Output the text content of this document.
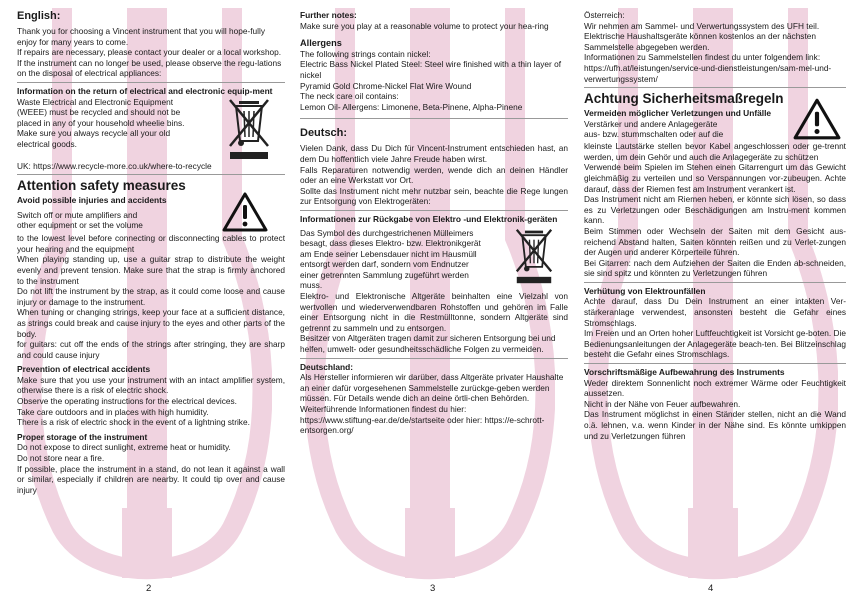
English:

Thank you for choosing a Vincent instrument that you will hope-fully enjoy for many years to come.

If repairs are necessary, please contact your dealer or a local workshop.

If the instrument can no longer be used, please observe the regu-lations on the disposal of electrical appliances:

Information on the return of electrical and electronic equip-ment

Waste Electrical and Electronic Equipment

(WEEE) must be recycled and should not be

placed in any of your household wheelie bins.

Make sure you always recycle all your old

electrical goods.

UK: https://www.recycle-more.co.uk/where-to-recycle

Attention safety measures
Avoid possible injuries and accidents

Switch off or mute amplifiers and

other equipment or set the volume

to the lowest level before connecting or disconnecting cables to protect your hearing and the equipment

When playing standing up, use a guitar strap to distribute the weight evenly and prevent tension. Make sure that the strap is firmly anchored to the instrument

Do not lift the instrument by the strap, as it could come loose and cause injury or damage to the instrument.

When tuning or changing strings, keep your face at a sufficient distance, as strings could break and cause injury to the eyes and other parts of the body.

for guitars: cut off the ends of the strings after stringing, they are sharp and could cause injury

Prevention of electrical accidents

Make sure that you use your instrument with an intact amplifier system, otherwise there is a risk of electric shock.

Observe the operating instructions for the electrical devices.

Take care outdoors and in places with high humidity.

There is a risk of electric shock in the event of a lightning strike.

Proper storage of the instrument

Do not expose to direct sunlight, extreme heat or humidity.

Do not store near a fire.

If possible, place the instrument in a stand, do not lean it against a wall or similar, especially if children are nearby. It could tip over and cause injury

2
Further notes:

Make sure you play at a reasonable volume to protect your hea-ring

Allergens

The following strings contain nickel:

Electric Bass Nickel Plated Steel: Steel wire finished with a thin layer of nickel

Pyramid Gold Chrome-Nickel Flat Wire Wound

The neck care oil contains:

Lemon Oil- Allergens: Limonene, Beta-Pinene, Alpha-Pinene

Deutsch:

Vielen Dank, dass Du Dich für Vincent-Instrument entschieden hast, an dem Du hoffentlich viele Jahre Freude haben wirst.

Falls Reparaturen notwendig werden, wende dich an deinen Händler oder an eine Werkstatt vor Ort.

Sollte das Instrument nicht mehr nutzbar sein, beachte die Rege lungen zur Entsorgung von Elektrogeräten:

Informationen zur Rückgabe von Elektro -und Elektronik-geräten

Das Symbol des durchgestrichenen Mülleimers

besagt, dass dieses Elektro- bzw. Elektronikgerät

am Ende seiner Lebensdauer nicht im Hausmüll

entsorgt werden darf, sondern vom Endnutzer

einer getrennten Sammlung zugeführt werden

muss.

Elektro- und Elektronische Altgeräte beinhalten eine Vielzahl von wertvollen und wiederverwendbaren Rohstoffen und gehören im Falle einer Entsorgung nicht in die Restmülltonne, sondern Altgeräte sind getrennt zu sammeln und zu entsorgen.

Besitzer von Altgeräten tragen damit zur sicheren Entsorgung bei und helfen, umwelt- oder gesundheitsschädliche Folgen zu vermeiden.

Deutschland:

Als Hersteller informieren wir darüber, dass Altgeräte privater Haushalte an einer dafür vorgesehenen Sammelstelle zurückge-geben werden müssen. Für Details wende dich an deine örtli-chen Behörden.

Weiterführende Informationen findest du hier:

https://www.stiftung-ear.de/de/startseite oder hier: https://e-schrott-entsorgen.org/

3
Österreich:

Wir nehmen am Sammel- und Verwertungssystem des UFH teil. Elektrische Haushaltsgeräte können kostenlos an der nächsten Sammelstelle abgegeben werden.

Informationen zu Sammelstellen findest du unter folgendem link:

https://ufh.at/leistungen/service-und-dienstleistungen/sam-mel-und-verwertungssystem/

Achtung Sicherheitsmaßregeln
Vermeiden möglicher Verletzungen und Unfälle

Verstärker und andere Anlagegeräte

aus- bzw. stummschalten oder auf die

kleinste Lautstärke stellen bevor Kabel angeschlossen oder ge-trennt werden, um dein Gehör und auch die Anlagegeräte zu schützen

Verwende beim Spielen im Stehen einen Gitarrengurt um das Gewicht gleichmäßig zu verteilen und so Verspannungen vor-zubeugen. Achte darauf, dass der Riemen fest am Instrument verankert ist.

Das Instrument nicht am Riemen heben, er könnte sich lösen, so dass es zu Verletzungen oder Beschädigungen am Instru-ment kommen kann.

Beim Stimmen oder Wechseln der Saiten mit dem Gesicht aus-reichend Abstand halten, Saiten könnten reißen und zu Verlet-zungen der Augen und anderer Körperteile führen.

Bei Gitarren: nach dem Aufziehen der Saiten die Enden ab-schneiden, sie sind spitz und könnten zu Verletzungen führen

Verhütung von Elektrounfällen

Achte darauf, dass Du Dein Instrument an einer intakten Ver-stärkeranlage verwendest, ansonsten besteht die Gefahr eines Stromschlags.

Im Freien und an Orten hoher Luftfeuchtigkeit ist Vorsicht ge-boten. Die Bedienungsanleitungen der Anlagegeräte beach-ten. Bei Blitzeinschlag besteht die Gefahr eines Stromschlags.

Vorschriftsmäßige Aufbewahrung des Instruments

Weder direktem Sonnenlicht noch extremer Wärme oder Feuchtigkeit aussetzen.

Nicht in der Nähe von Feuer aufbewahren.

Das Instrument möglichst in einen Ständer stellen, nicht an die Wand o.ä. lehnen, v.a. wenn Kinder in der Nähe sind. Es könnte umkippen und zu Verletzungen führen

4
